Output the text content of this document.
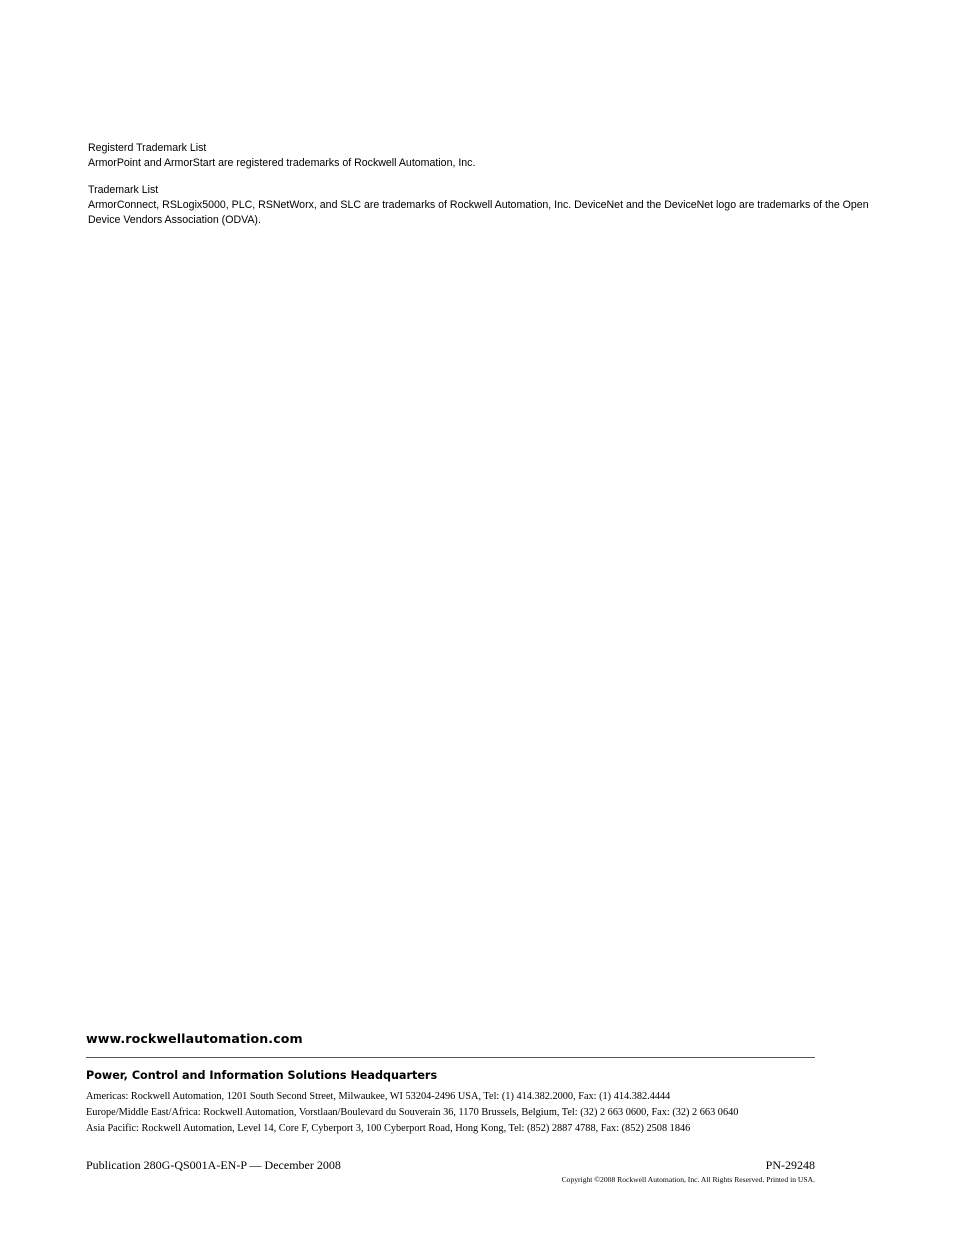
Registerd Trademark List

ArmorPoint and ArmorStart are registered trademarks of Rockwell Automation, Inc.

Trademark List

ArmorConnect, RSLogix5000, PLC, RSNetWorx, and SLC are trademarks of Rockwell Automation, Inc. DeviceNet and the DeviceNet logo are trademarks of the Open Device Vendors Association (ODVA).

www.rockwellautomation.com

Power, Control and Information Solutions Headquarters

Americas: Rockwell Automation, 1201 South Second Street, Milwaukee, WI 53204-2496 USA, Tel: (1) 414.382.2000, Fax: (1) 414.382.4444

Europe/Middle East/Africa: Rockwell Automation, Vorstlaan/Boulevard du Souverain 36, 1170 Brussels, Belgium, Tel: (32) 2 663 0600, Fax: (32) 2 663 0640

Asia Pacific: Rockwell Automation, Level 14, Core F, Cyberport 3, 100 Cyberport Road, Hong Kong, Tel: (852) 2887 4788, Fax: (852) 2508 1846

Publication 280G-QS001A-EN-P — December 2008	PN-29248

Copyright ©2008 Rockwell Automation, Inc. All Rights Reserved. Printed in USA.
